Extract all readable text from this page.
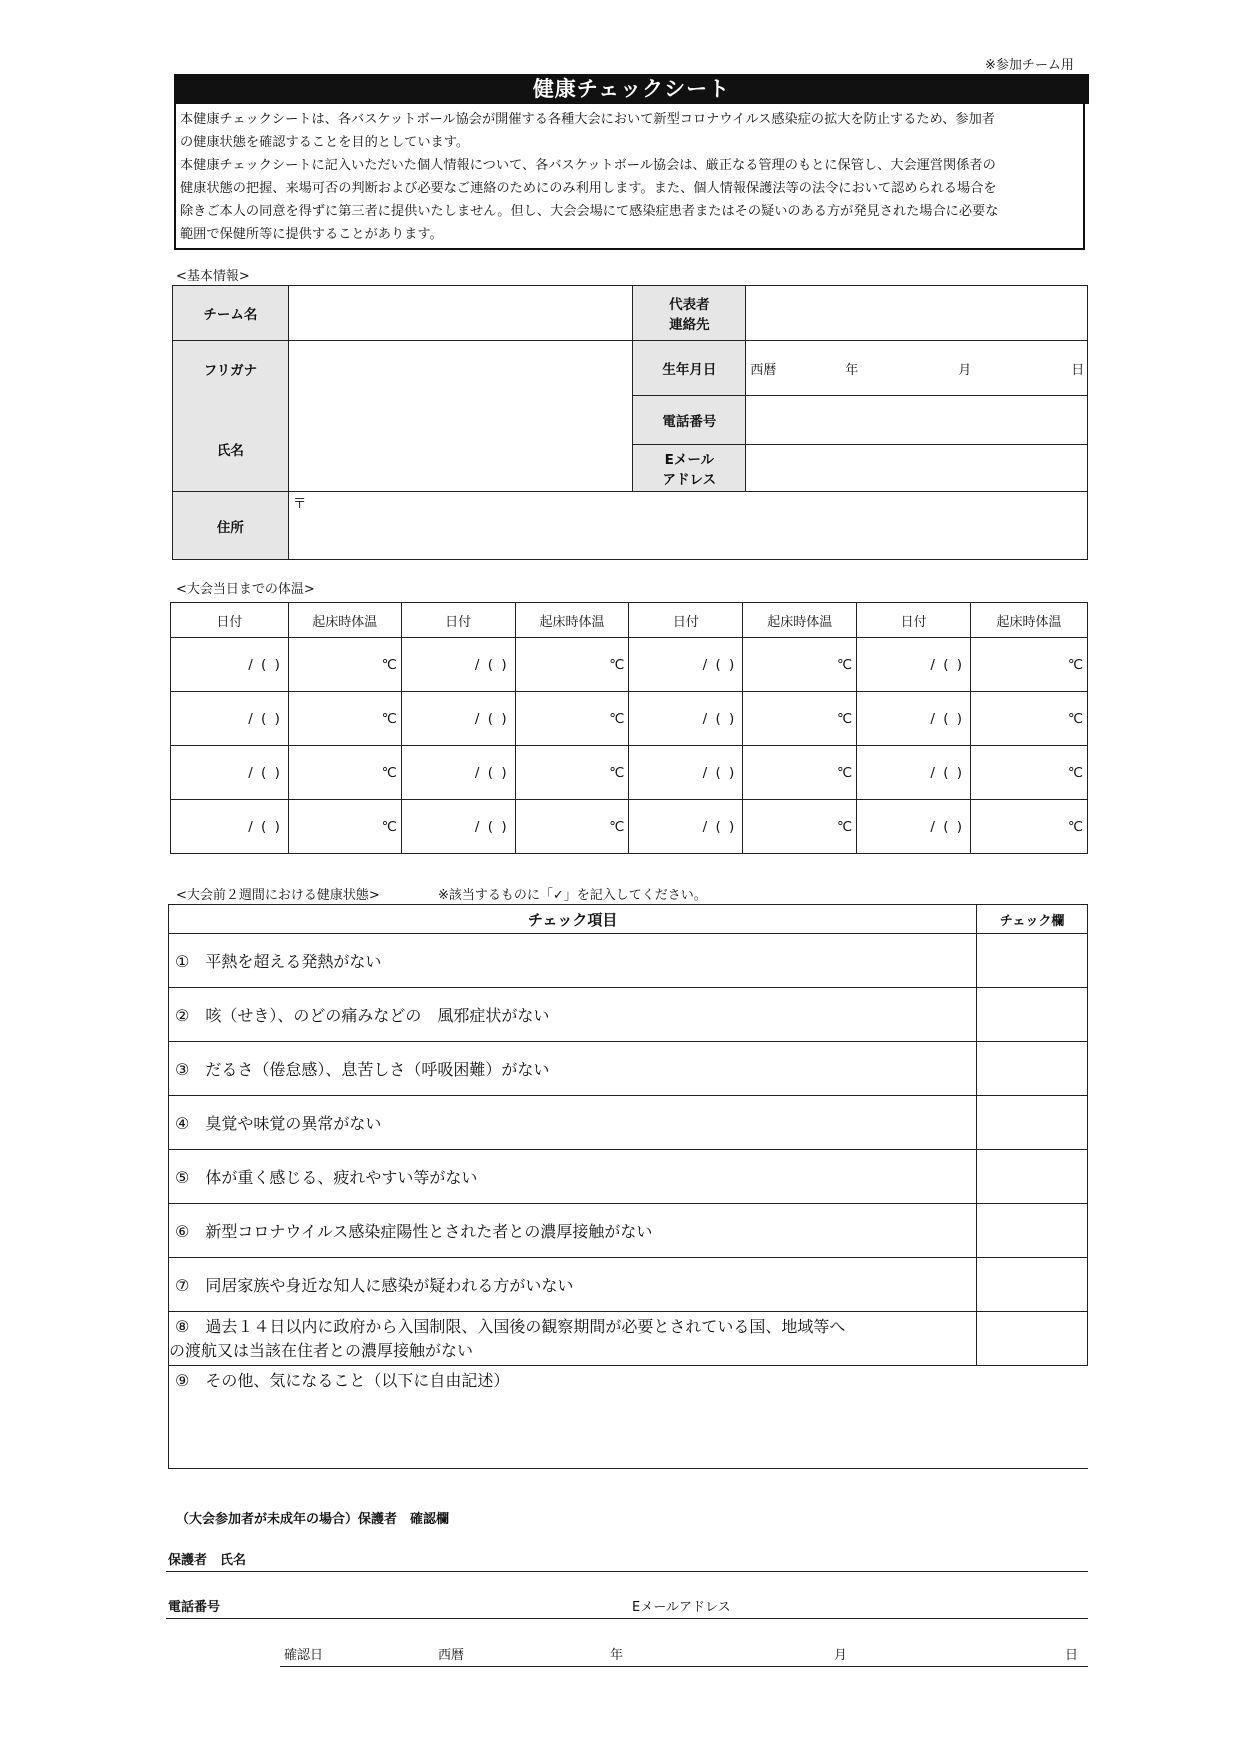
※参加チーム用
健康チェックシート
本健康チェックシートは、各バスケットボール協会が開催する各種大会において新型コロナウイルス感染症の拡大を防止するため、参加者
の健康状態を確認することを目的としています。
本健康チェックシートに記入いただいた個人情報について、各バスケットボール協会は、厳正なる管理のもとに保管し、大会運営関係者の
健康状態の把握、来場可否の判断および必要なご連絡のためにのみ利用します。また、個人情報保護法等の法令において認められる場合を
除きご本人の同意を得ずに第三者に提供いたしません。但し、大会会場にて感染症患者またはその疑いのある方が発見された場合に必要な
範囲で保健所等に提供することがあります。
<基本情報>
チーム名		代表者
連絡先	

フリガナ
氏名		生年月日	西暦 年 月 日
		電話番号	

		Eメール
アドレス	

住所	〒		
<大会当日までの体温>
日付	起床時体温	日付	起床時体温	日付	起床時体温	日付	起床時体温
/ ( )	℃	/ ( )	℃	/ ( )	℃	/ ( )	℃
/ ( )	℃	/ ( )	℃	/ ( )	℃	/ ( )	℃
/ ( )	℃	/ ( )	℃	/ ( )	℃	/ ( )	℃
/ ( )	℃	/ ( )	℃	/ ( )	℃	/ ( )	℃
<大会前２週間における健康状態>	※該当するものに「✓」を記入してください。
チェック項目	チェック欄
①　平熱を超える発熱がない	
②　咳（せき）、のどの痛みなどの　風邪症状がない	
③　だるさ（倦怠感）、息苦しさ（呼吸困難）がない	
④　臭覚や味覚の異常がない	
⑤　体が重く感じる、疲れやすい等がない	
⑥　新型コロナウイルス感染症陽性とされた者との濃厚接触がない	
⑦　同居家族や身近な知人に感染が疑われる方がいない	

⑧　過去１４日以内に政府から入国制限、入国後の観察期間が必要とされている国、地域等へ
の渡航又は当該在住者との濃厚接触がない	

⑨　その他、気になること（以下に自由記述）	
（大会参加者が未成年の場合）保護者　確認欄
保護者　氏名
電話番号	Eメールアドレス
確認日	西暦	年	月	日
